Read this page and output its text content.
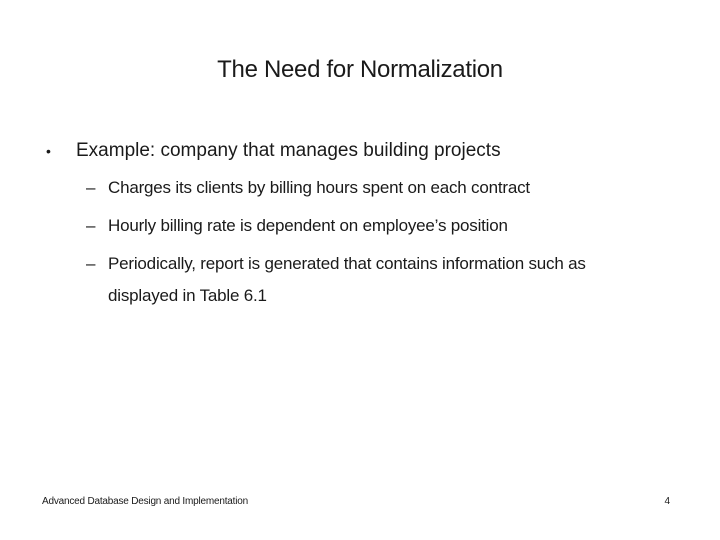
The Need for Normalization
•	Example: company that manages building projects
– Charges its clients by billing hours spent on each contract
– Hourly billing rate is dependent on employee’s position
– Periodically, report is generated that contains information such as
displayed in Table 6.1
Advanced Database Design and Implementation	4
